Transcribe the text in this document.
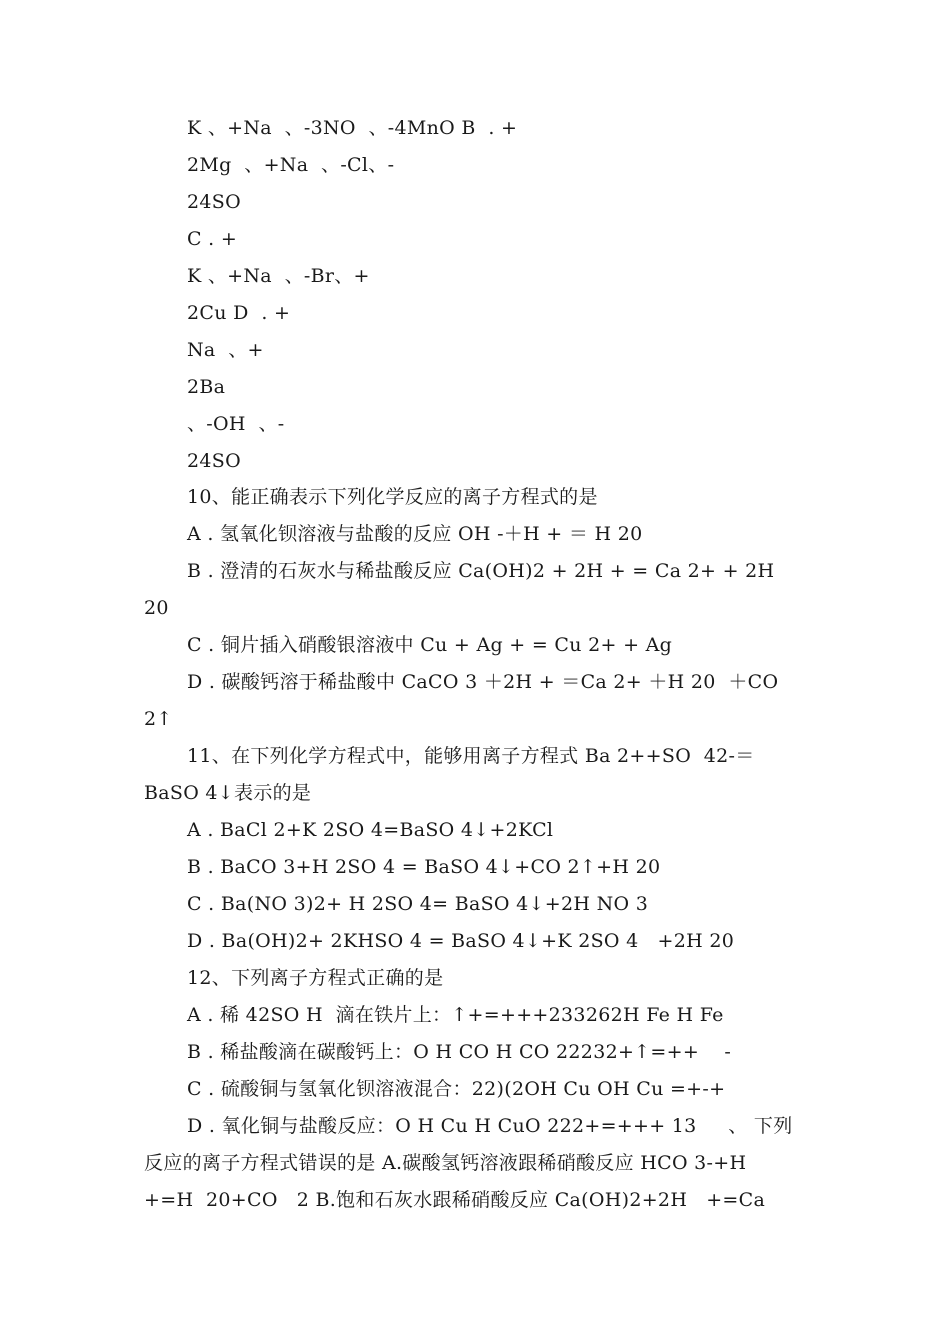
K 、+Na  、-3NO  、-4MnO B  . +
2Mg  、+Na  、-Cl、-
24SO
C . +
K 、+Na  、-Br、+
2Cu D  . +
Na  、+
2Ba
、-OH  、-
24SO
10、能正确表示下列化学反应的离子方程式的是
A . 氢氧化钡溶液与盐酸的反应 OH -＋H + ＝ H 20
B . 澄清的石灰水与稀盐酸反应 Ca(OH)2 + 2H + = Ca 2+ + 2H
20
C . 铜片插入硝酸银溶液中 Cu + Ag + = Cu 2+ + Ag
D . 碳酸钙溶于稀盐酸中 CaCO 3 ＋2H + ＝Ca 2+ ＋H 20  ＋CO
2↑
11、在下列化学方程式中，能够用离子方程式 Ba 2++SO  42-＝
BaSO 4↓表示的是
A . BaCl 2+K 2SO 4=BaSO 4↓+2KCl
B . BaCO 3+H 2SO 4 = BaSO 4↓+CO 2↑+H 20
C . Ba(NO 3)2+ H 2SO 4= BaSO 4↓+2H NO 3
D . Ba(OH)2+ 2KHSO 4 = BaSO 4↓+K 2SO 4   +2H 20
12、下列离子方程式正确的是
A . 稀 42SO H  滴在铁片上：↑+=+++233262H Fe H Fe
B . 稀盐酸滴在碳酸钙上：O H CO H CO 22232+↑=++    -
C . 硫酸铜与氢氧化钡溶液混合：22)(2OH Cu OH Cu =+-+
D . 氧化铜与盐酸反应：O H Cu H CuO 222+=+++ 13     、 下列
反应的离子方程式错误的是 A.碳酸氢钙溶液跟稀硝酸反应 HCO 3-+H
+=H  20+CO   2 B.饱和石灰水跟稀硝酸反应 Ca(OH)2+2H   +=Ca
